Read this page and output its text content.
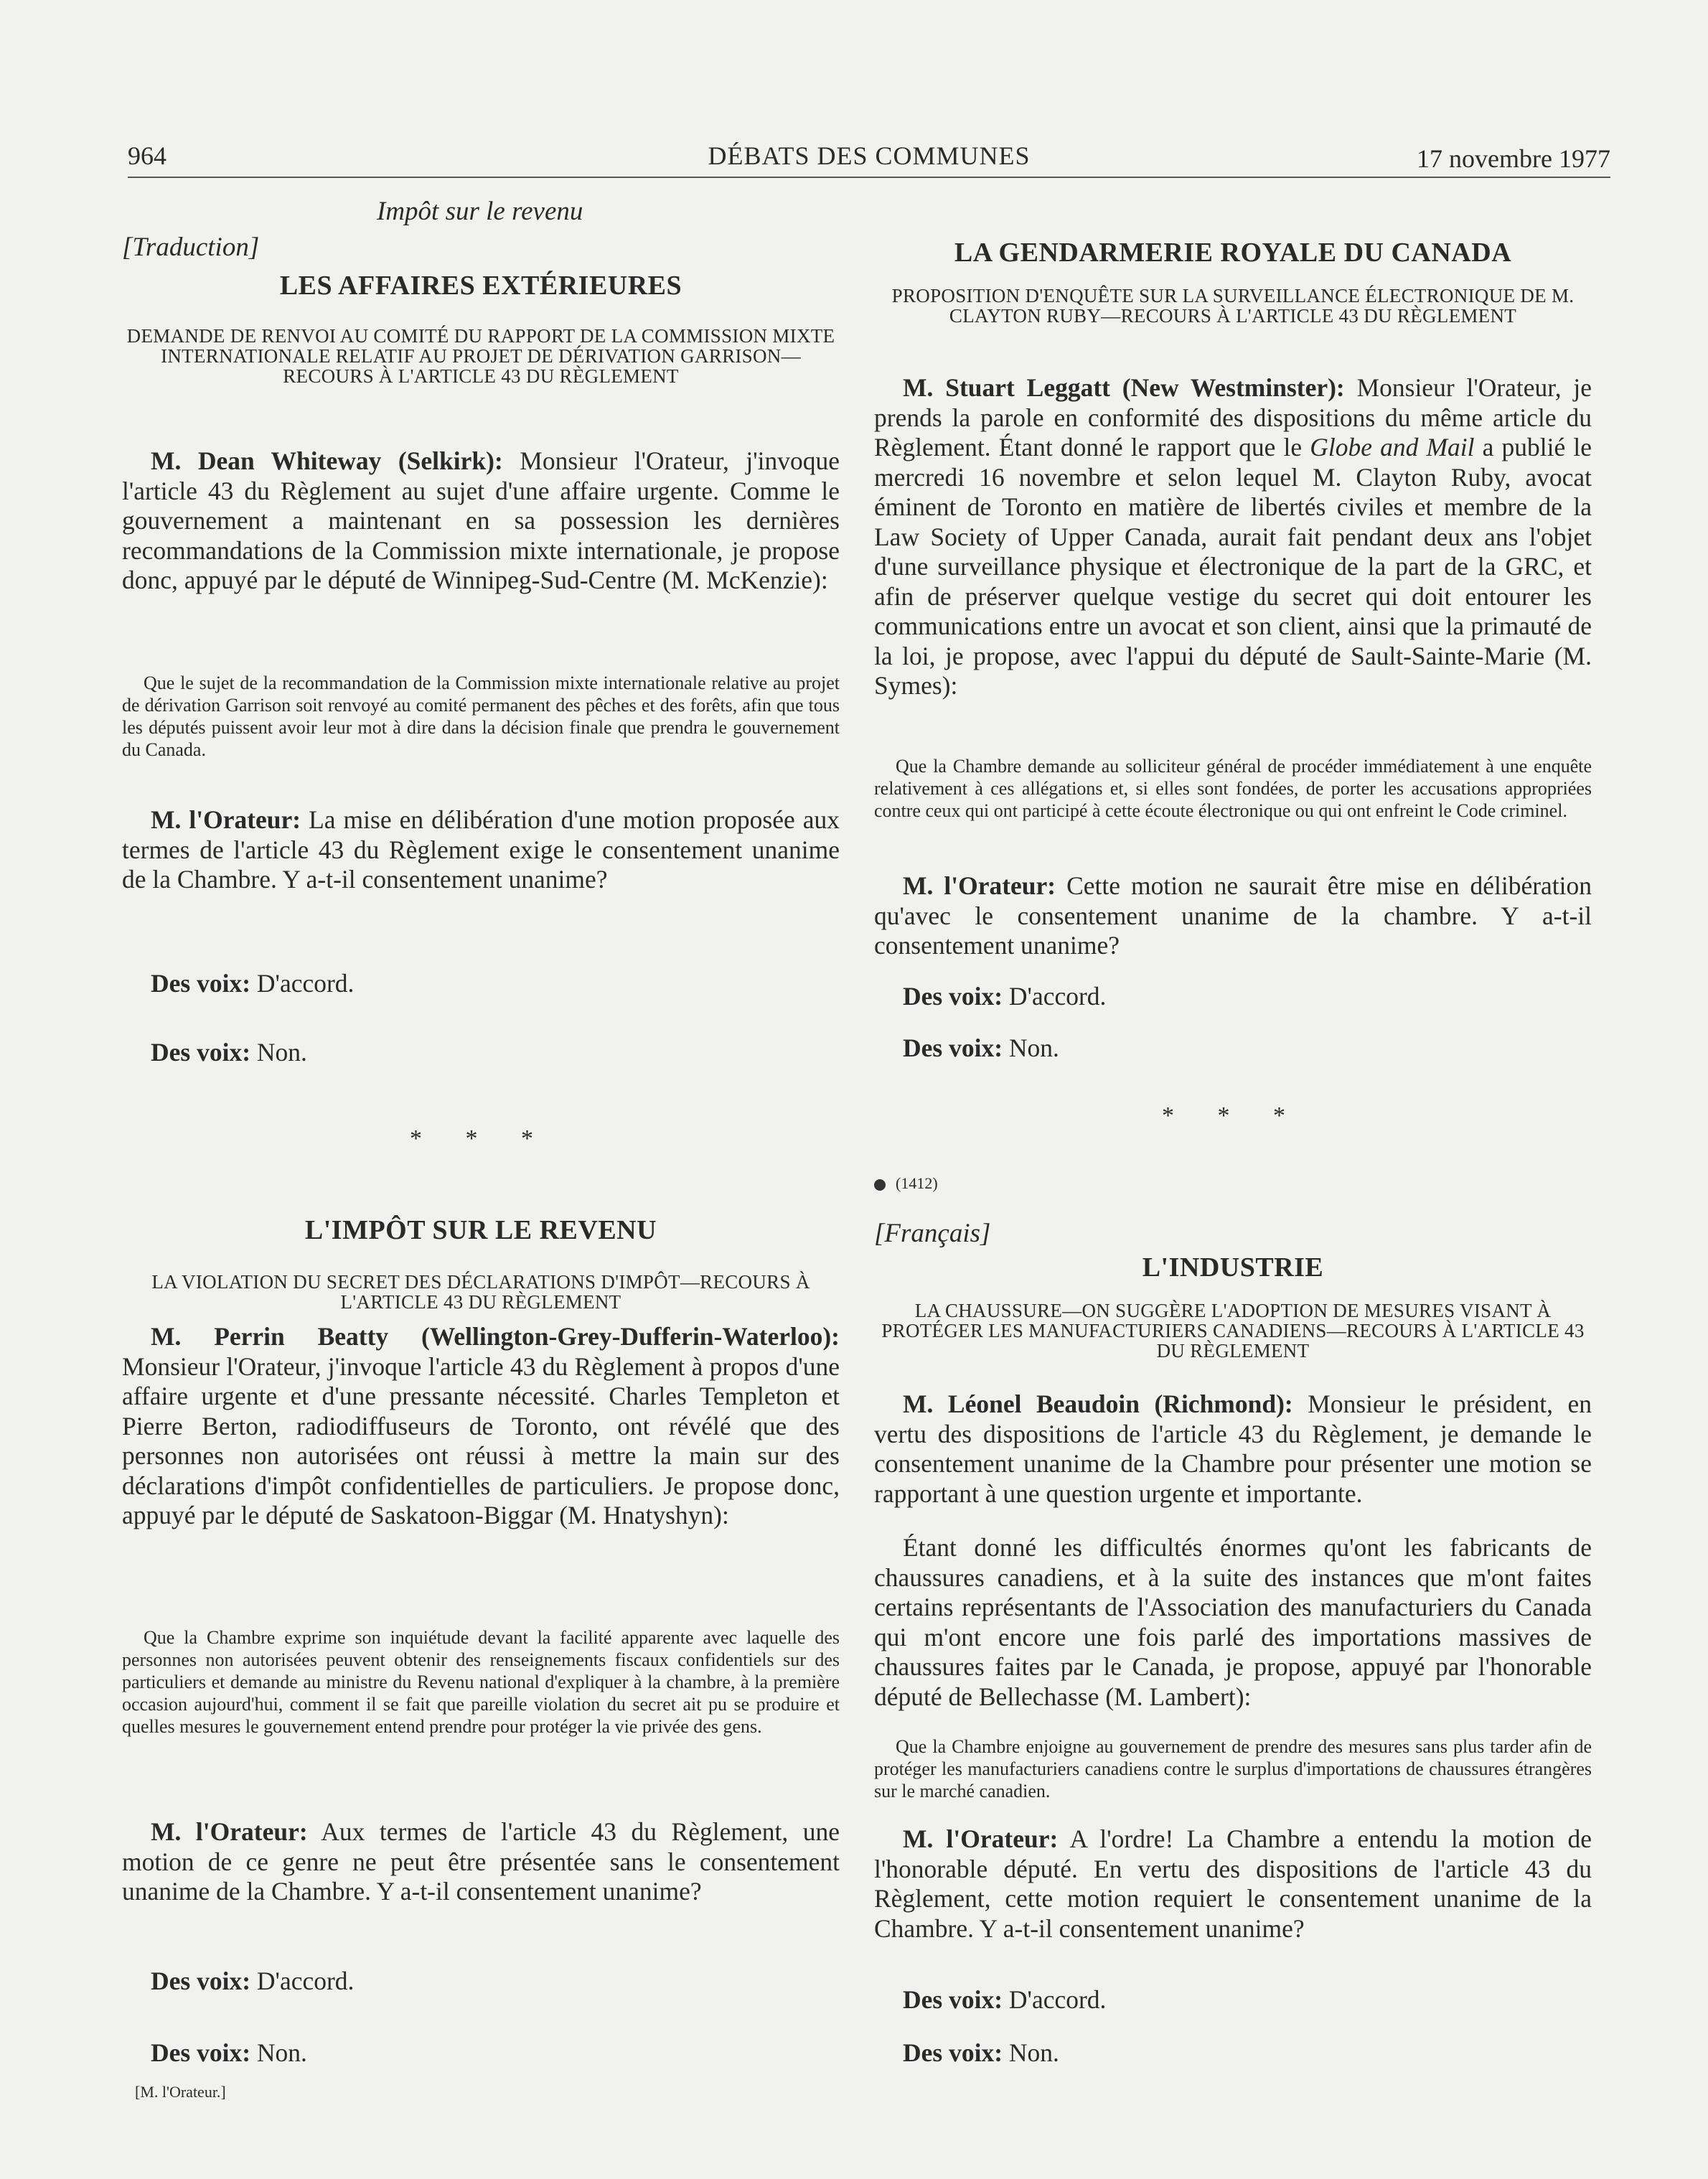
964	DÉBATS DES COMMUNES	17 novembre 1977
Impôt sur le revenu
[Traduction]
LES AFFAIRES EXTÉRIEURES
DEMANDE DE RENVOI AU COMITÉ DU RAPPORT DE LA COMMISSION MIXTE INTERNATIONALE RELATIF AU PROJET DE DÉRIVATION GARRISON—RECOURS À L'ARTICLE 43 DU RÈGLEMENT
M. Dean Whiteway (Selkirk): Monsieur l'Orateur, j'invoque l'article 43 du Règlement au sujet d'une affaire urgente. Comme le gouvernement a maintenant en sa possession les dernières recommandations de la Commission mixte internationale, je propose donc, appuyé par le député de Winnipeg-Sud-Centre (M. McKenzie):
Que le sujet de la recommandation de la Commission mixte internationale relative au projet de dérivation Garrison soit renvoyé au comité permanent des pêches et des forêts, afin que tous les députés puissent avoir leur mot à dire dans la décision finale que prendra le gouvernement du Canada.
M. l'Orateur: La mise en délibération d'une motion proposée aux termes de l'article 43 du Règlement exige le consentement unanime de la Chambre. Y a-t-il consentement unanime?
Des voix: D'accord.
Des voix: Non.
* * *
L'IMPÔT SUR LE REVENU
LA VIOLATION DU SECRET DES DÉCLARATIONS D'IMPÔT—RECOURS À L'ARTICLE 43 DU RÈGLEMENT
M. Perrin Beatty (Wellington-Grey-Dufferin-Waterloo): Monsieur l'Orateur, j'invoque l'article 43 du Règlement à propos d'une affaire urgente et d'une pressante nécessité. Charles Templeton et Pierre Berton, radiodiffuseurs de Toronto, ont révélé que des personnes non autorisées ont réussi à mettre la main sur des déclarations d'impôt confidentielles de particuliers. Je propose donc, appuyé par le député de Saskatoon-Biggar (M. Hnatyshyn):
Que la Chambre exprime son inquiétude devant la facilité apparente avec laquelle des personnes non autorisées peuvent obtenir des renseignements fiscaux confidentiels sur des particuliers et demande au ministre du Revenu national d'expliquer à la chambre, à la première occasion aujourd'hui, comment il se fait que pareille violation du secret ait pu se produire et quelles mesures le gouvernement entend prendre pour protéger la vie privée des gens.
M. l'Orateur: Aux termes de l'article 43 du Règlement, une motion de ce genre ne peut être présentée sans le consentement unanime de la Chambre. Y a-t-il consentement unanime?
Des voix: D'accord.
Des voix: Non.
[M. l'Orateur.]
LA GENDARMERIE ROYALE DU CANADA
PROPOSITION D'ENQUÊTE SUR LA SURVEILLANCE ÉLECTRONIQUE DE M. CLAYTON RUBY—RECOURS À L'ARTICLE 43 DU RÈGLEMENT
M. Stuart Leggatt (New Westminster): Monsieur l'Orateur, je prends la parole en conformité des dispositions du même article du Règlement. Étant donné le rapport que le Globe and Mail a publié le mercredi 16 novembre et selon lequel M. Clayton Ruby, avocat éminent de Toronto en matière de libertés civiles et membre de la Law Society of Upper Canada, aurait fait pendant deux ans l'objet d'une surveillance physique et électronique de la part de la GRC, et afin de préserver quelque vestige du secret qui doit entourer les communications entre un avocat et son client, ainsi que la primauté de la loi, je propose, avec l'appui du député de Sault-Sainte-Marie (M. Symes):
Que la Chambre demande au solliciteur général de procéder immédiatement à une enquête relativement à ces allégations et, si elles sont fondées, de porter les accusations appropriées contre ceux qui ont participé à cette écoute électronique ou qui ont enfreint le Code criminel.
M. l'Orateur: Cette motion ne saurait être mise en délibération qu'avec le consentement unanime de la chambre. Y a-t-il consentement unanime?
Des voix: D'accord.
Des voix: Non.
* * *
(1412)
[Français]
L'INDUSTRIE
LA CHAUSSURE—ON SUGGÈRE L'ADOPTION DE MESURES VISANT À PROTÉGER LES MANUFACTURIERS CANADIENS—RECOURS À L'ARTICLE 43 DU RÈGLEMENT
M. Léonel Beaudoin (Richmond): Monsieur le président, en vertu des dispositions de l'article 43 du Règlement, je demande le consentement unanime de la Chambre pour présenter une motion se rapportant à une question urgente et importante.
Étant donné les difficultés énormes qu'ont les fabricants de chaussures canadiens, et à la suite des instances que m'ont faites certains représentants de l'Association des manufacturiers du Canada qui m'ont encore une fois parlé des importations massives de chaussures faites par le Canada, je propose, appuyé par l'honorable député de Bellechasse (M. Lambert):
Que la Chambre enjoigne au gouvernement de prendre des mesures sans plus tarder afin de protéger les manufacturiers canadiens contre le surplus d'importations de chaussures étrangères sur le marché canadien.
M. l'Orateur: A l'ordre! La Chambre a entendu la motion de l'honorable député. En vertu des dispositions de l'article 43 du Règlement, cette motion requiert le consentement unanime de la Chambre. Y a-t-il consentement unanime?
Des voix: D'accord.
Des voix: Non.
